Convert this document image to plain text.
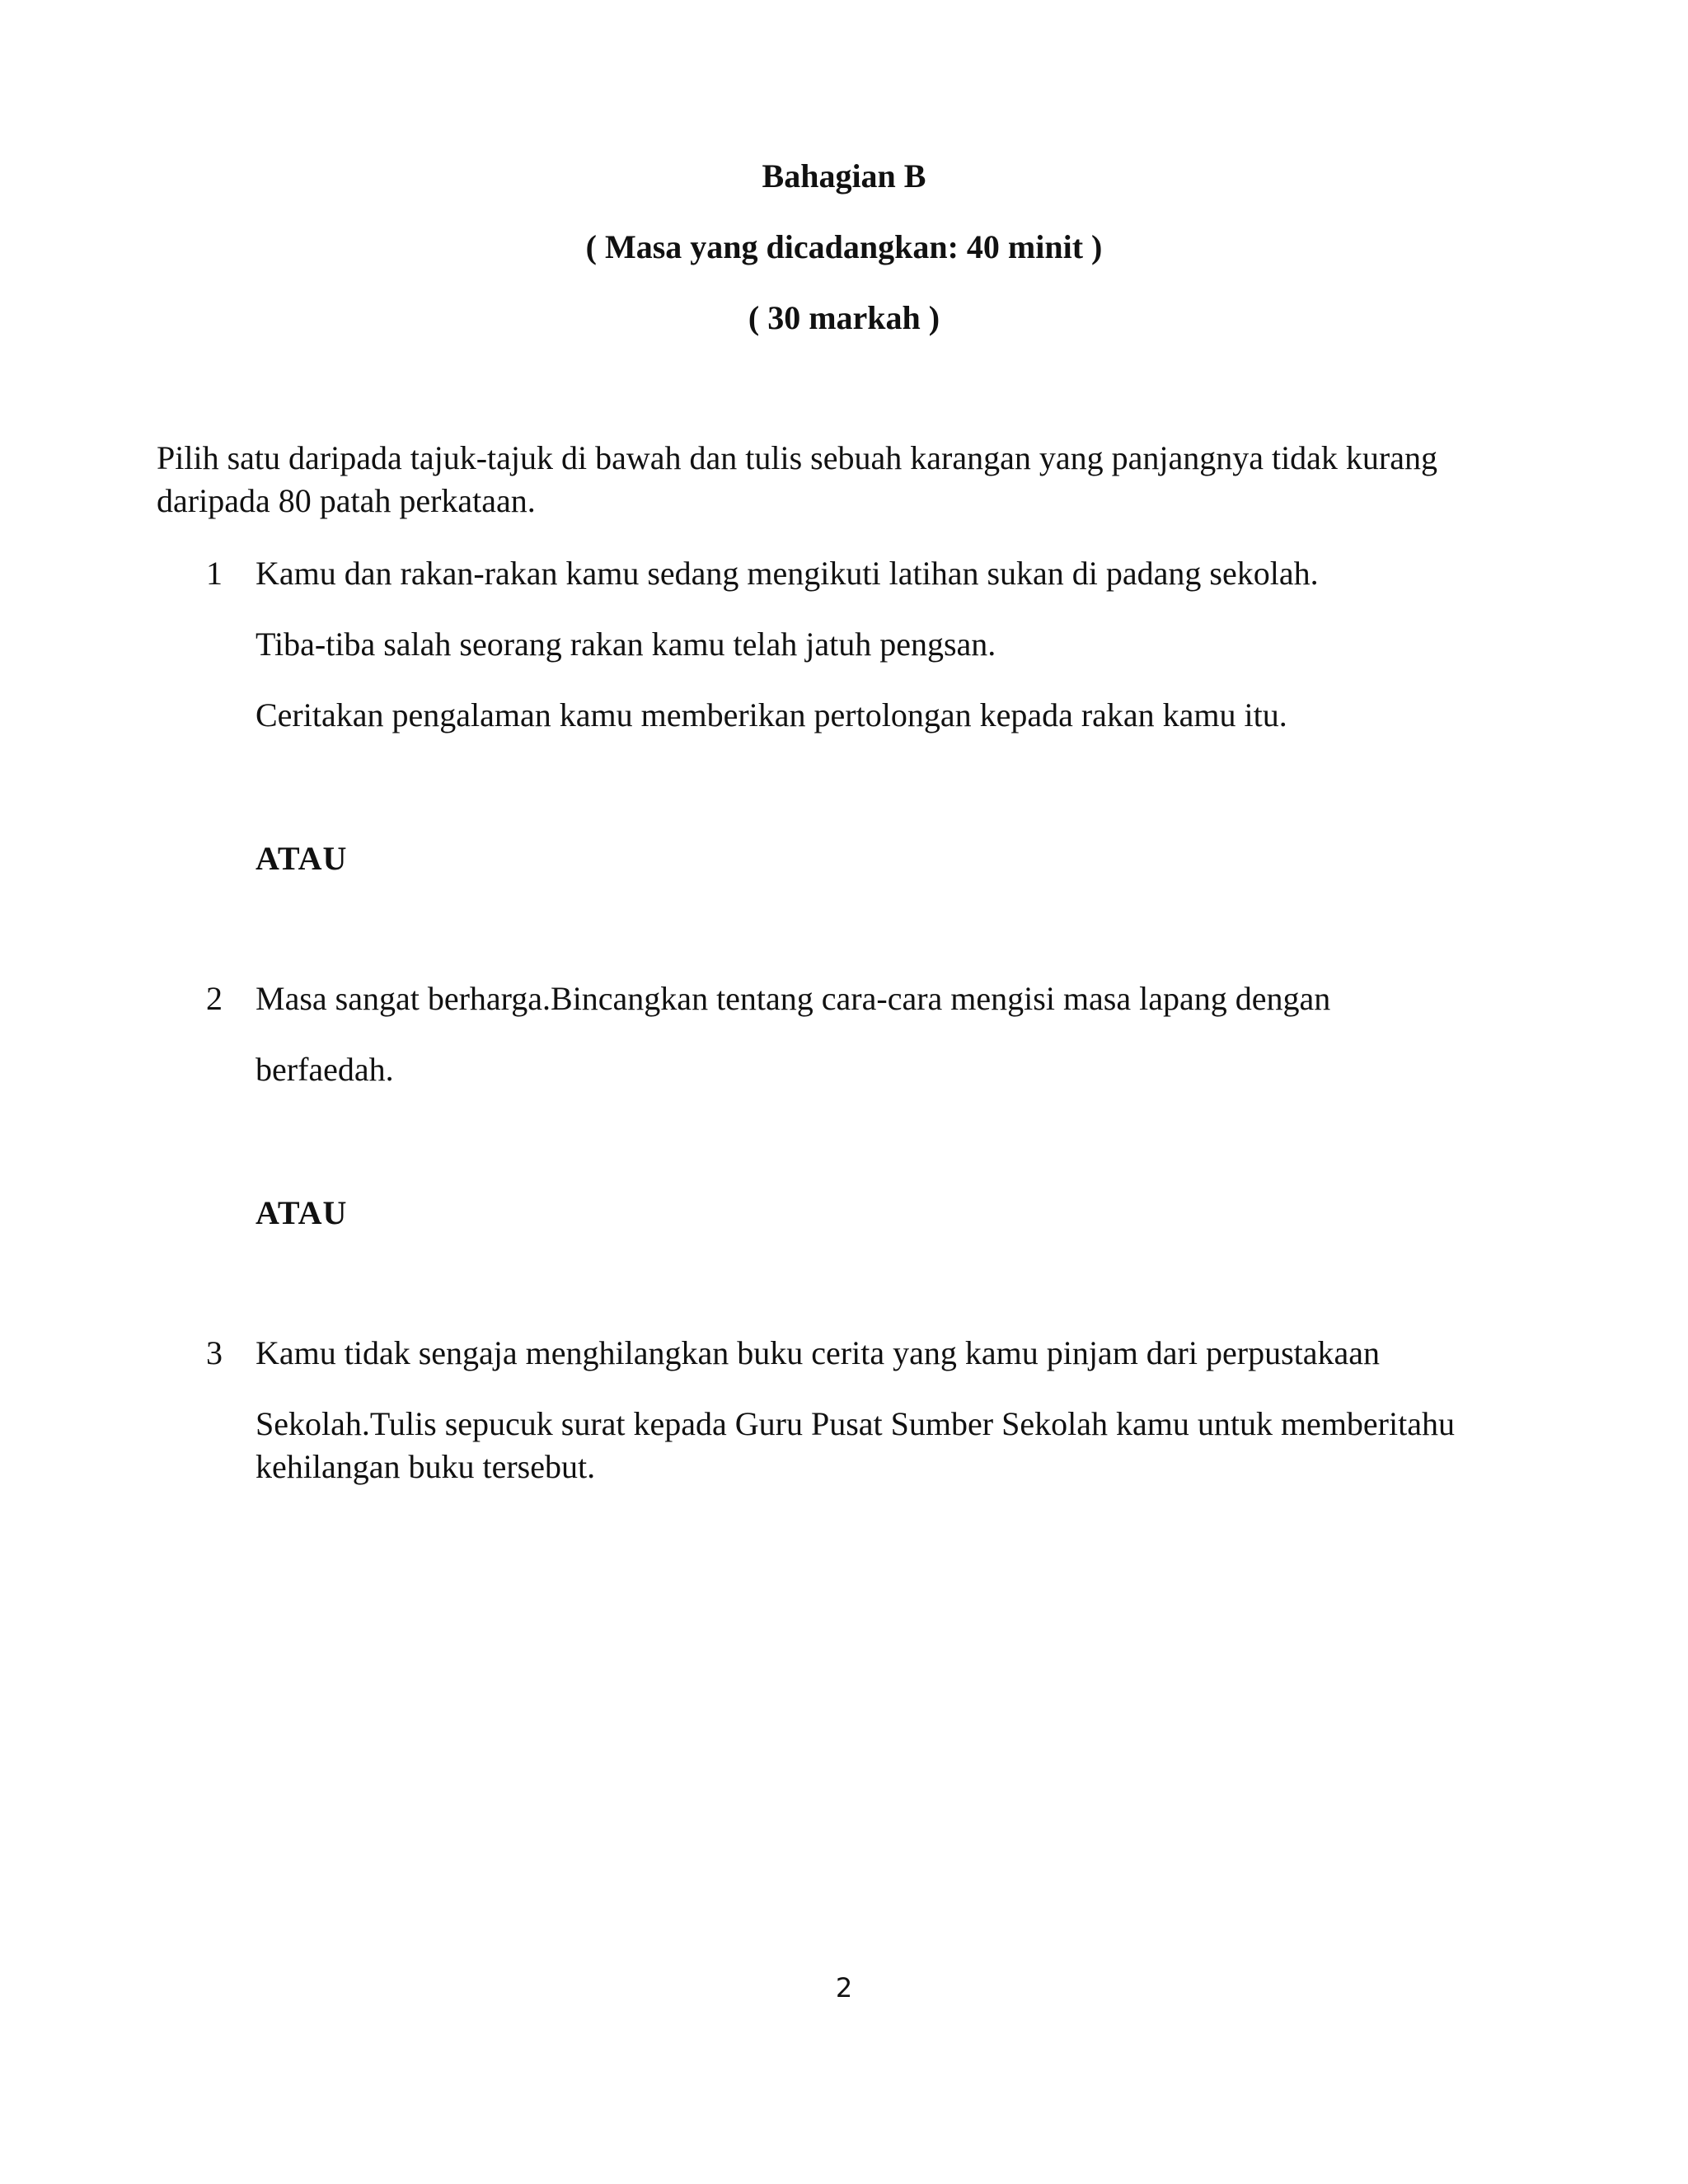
Bahagian B
( Masa yang dicadangkan: 40 minit )
( 30 markah )
Pilih satu daripada tajuk-tajuk di bawah dan tulis sebuah karangan yang panjangnya tidak kurang
daripada 80 patah perkataan.
1 Kamu dan rakan-rakan kamu sedang mengikuti latihan sukan di padang sekolah.
Tiba-tiba salah seorang rakan kamu telah jatuh pengsan.
Ceritakan pengalaman kamu memberikan pertolongan kepada rakan kamu itu.
ATAU
2 Masa sangat berharga.Bincangkan tentang cara-cara mengisi masa lapang dengan
berfaedah.
ATAU
3 Kamu tidak sengaja menghilangkan buku cerita yang kamu pinjam dari perpustakaan
Sekolah.Tulis sepucuk surat kepada Guru Pusat Sumber Sekolah kamu untuk memberitahu
kehilangan buku tersebut.
2
